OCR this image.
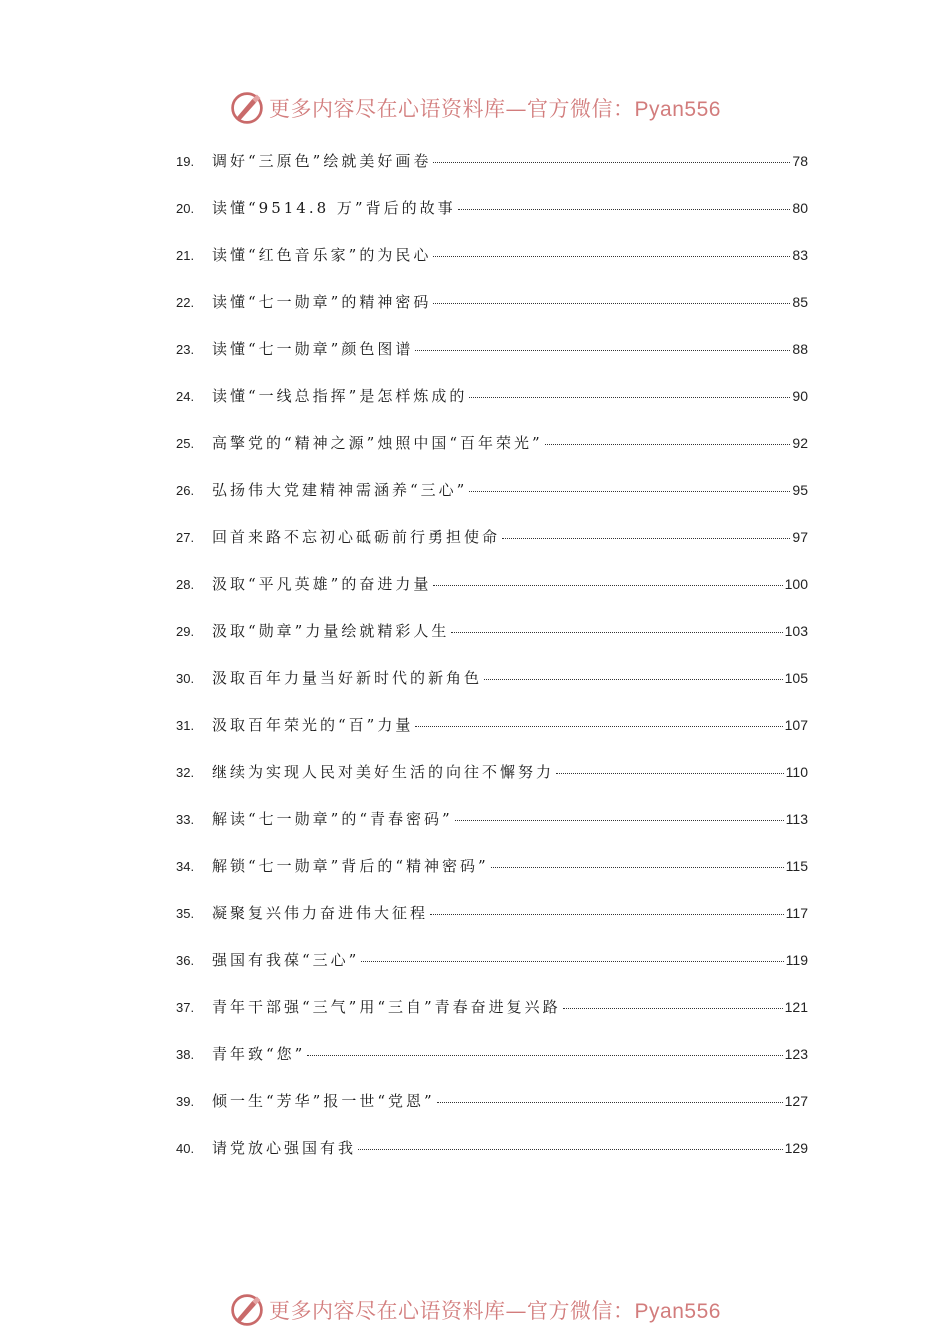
更多内容尽在心语资料库—官方微信：Pyan556
19.	调好“三原色”绘就美好画卷	78
20.	读懂“9514.8 万”背后的故事	80
21.	读懂“红色音乐家”的为民心	83
22.	读懂“七一勋章”的精神密码	85
23.	读懂“七一勋章”颜色图谱	88
24.	读懂“一线总指挥”是怎样炼成的	90
25.	高擎党的“精神之源”烛照中国“百年荣光”	92
26.	弘扬伟大党建精神需涵养“三心”	95
27.	回首来路不忘初心砥砺前行勇担使命	97
28.	汲取“平凡英雄”的奋进力量	100
29.	汲取“勋章”力量绘就精彩人生	103
30.	汲取百年力量当好新时代的新角色	105
31.	汲取百年荣光的“百”力量	107
32.	继续为实现人民对美好生活的向往不懈努力	110
33.	解读“七一勋章”的“青春密码”	113
34.	解锁“七一勋章”背后的“精神密码”	115
35.	凝聚复兴伟力奋进伟大征程	117
36.	强国有我葆“三心”	119
37.	青年干部强“三气”用“三自”青春奋进复兴路	121
38.	青年致“您”	123
39.	倾一生“芳华”报一世“党恩”	127
40.	请党放心强国有我	129
更多内容尽在心语资料库—官方微信：Pyan556
